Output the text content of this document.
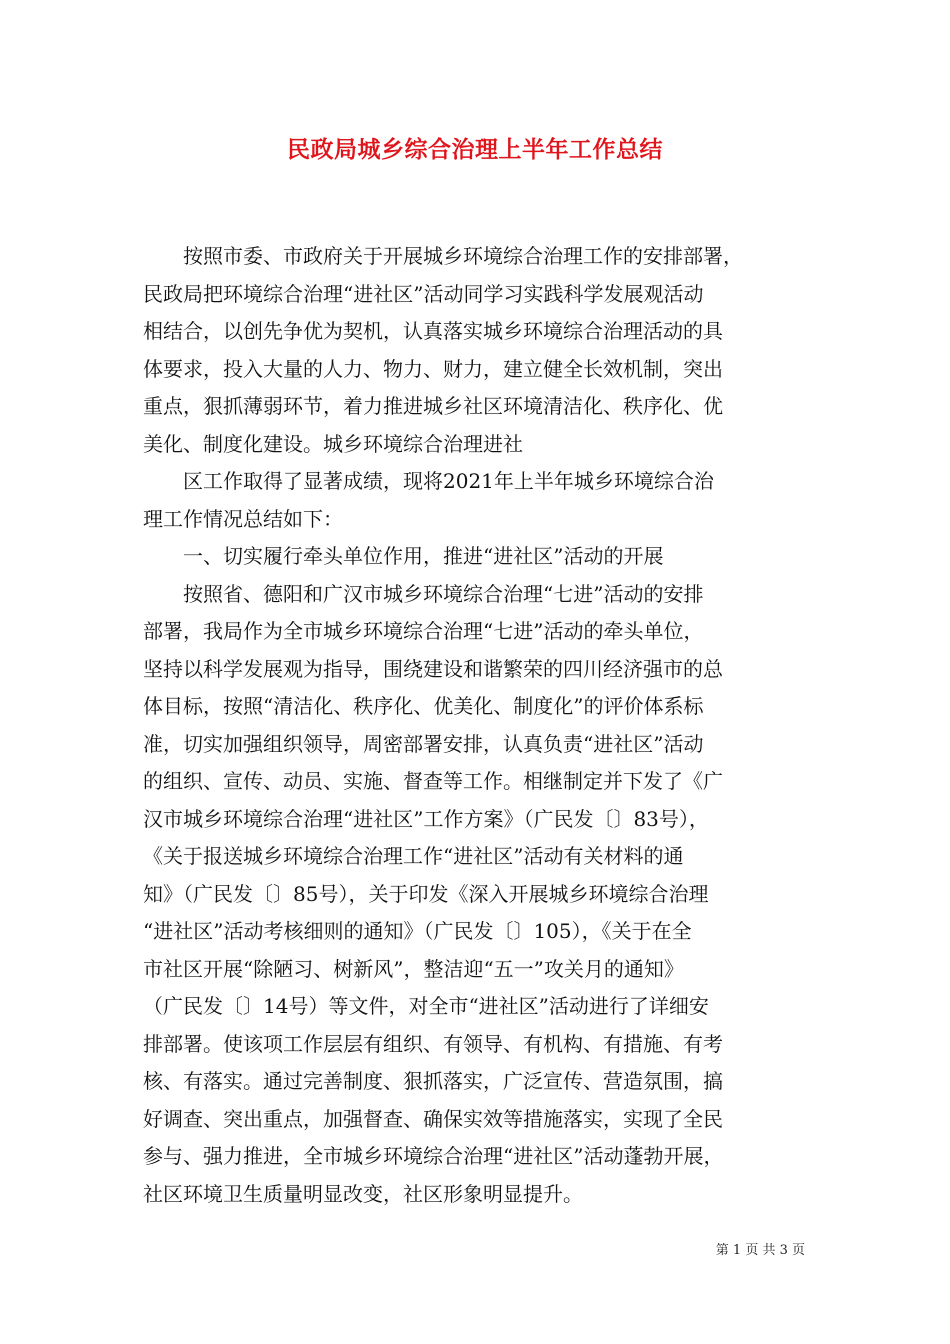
民政局城乡综合治理上半年工作总结
　　按照市委、市政府关于开展城乡环境综合治理工作的安排部署，
民政局把环境综合治理“进社区”活动同学习实践科学发展观活动
相结合，以创先争优为契机，认真落实城乡环境综合治理活动的具
体要求，投入大量的人力、物力、财力，建立健全长效机制，突出
重点，狠抓薄弱环节，着力推进城乡社区环境清洁化、秩序化、优
美化、制度化建设。城乡环境综合治理进社
　　区工作取得了显著成绩，现将2021年上半年城乡环境综合治
理工作情况总结如下：
　　一、切实履行牵头单位作用，推进“进社区”活动的开展
　　按照省、德阳和广汉市城乡环境综合治理“七进”活动的安排
部署，我局作为全市城乡环境综合治理“七进”活动的牵头单位，
坚持以科学发展观为指导，围绕建设和谐繁荣的四川经济强市的总
体目标，按照“清洁化、秩序化、优美化、制度化”的评价体系标
准，切实加强组织领导，周密部署安排，认真负责“进社区”活动
的组织、宣传、动员、实施、督查等工作。相继制定并下发了《广
汉市城乡环境综合治理“进社区”工作方案》（广民发〔〕83号），
《关于报送城乡环境综合治理工作“进社区”活动有关材料的通
知》（广民发〔〕85号），关于印发《深入开展城乡环境综合治理
“进社区”活动考核细则的通知》（广民发〔〕105），《关于在全
市社区开展“除陋习、树新风”，整洁迎“五一”攻关月的通知》
（广民发〔〕14号）等文件，对全市“进社区”活动进行了详细安
排部署。使该项工作层层有组织、有领导、有机构、有措施、有考
核、有落实。通过完善制度、狠抓落实，广泛宣传、营造氛围，搞
好调查、突出重点，加强督查、确保实效等措施落实，实现了全民
参与、强力推进，全市城乡环境综合治理“进社区”活动蓬勃开展，
社区环境卫生质量明显改变，社区形象明显提升。
第 1 页 共 3 页
